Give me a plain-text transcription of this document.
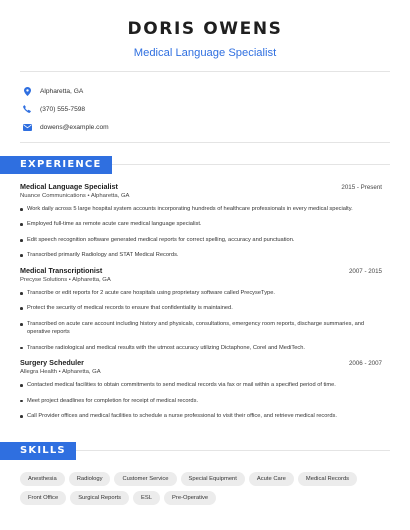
DORIS OWENS
Medical Language Specialist
Alpharetta, GA
(370) 555-7598
dowens@example.com
EXPERIENCE
Medical Language Specialist	2015 - Present
Nuance Communications • Alpharetta, GA
Work daily across 5 large hospital system accounts incorporating hundreds of healthcare professionals in every medical specialty.
Employed full-time as remote acute care medical language specialist.
Edit speech recognition software generated medical reports for correct spelling, accuracy and punctuation.
Transcribed primarily Radiology and STAT Medical Records.
Medical Transcriptionist	2007 - 2015
Precyse Solutions • Alpharetta, GA
Transcribe or edit reports for 2 acute care hospitals using proprietary software called PrecyseType.
Protect the security of medical records to ensure that confidentiality is maintained.
Transcribed on acute care account including history and physicals, consultations, emergency room reports, discharge summaries, and operative reports
Transcribe radiological and medical results with the utmost accuracy utilizing Dictaphone, Corel and MediTech.
Surgery Scheduler	2006 - 2007
Allegra Health • Alpharetta, GA
Contacted medical facilities to obtain commitments to send medical records via fax or mail within a specified period of time.
Meet project deadlines for completion for receipt of medical records.
Call Provider offices and medical facilities to schedule a nurse professional to visit their office, and retrieve medical records.
SKILLS
Anesthesia	Radiology	Customer Service	Special Equipment	Acute Care	Medical Records
Front Office	Surgical Reports	ESL	Pre-Operative
